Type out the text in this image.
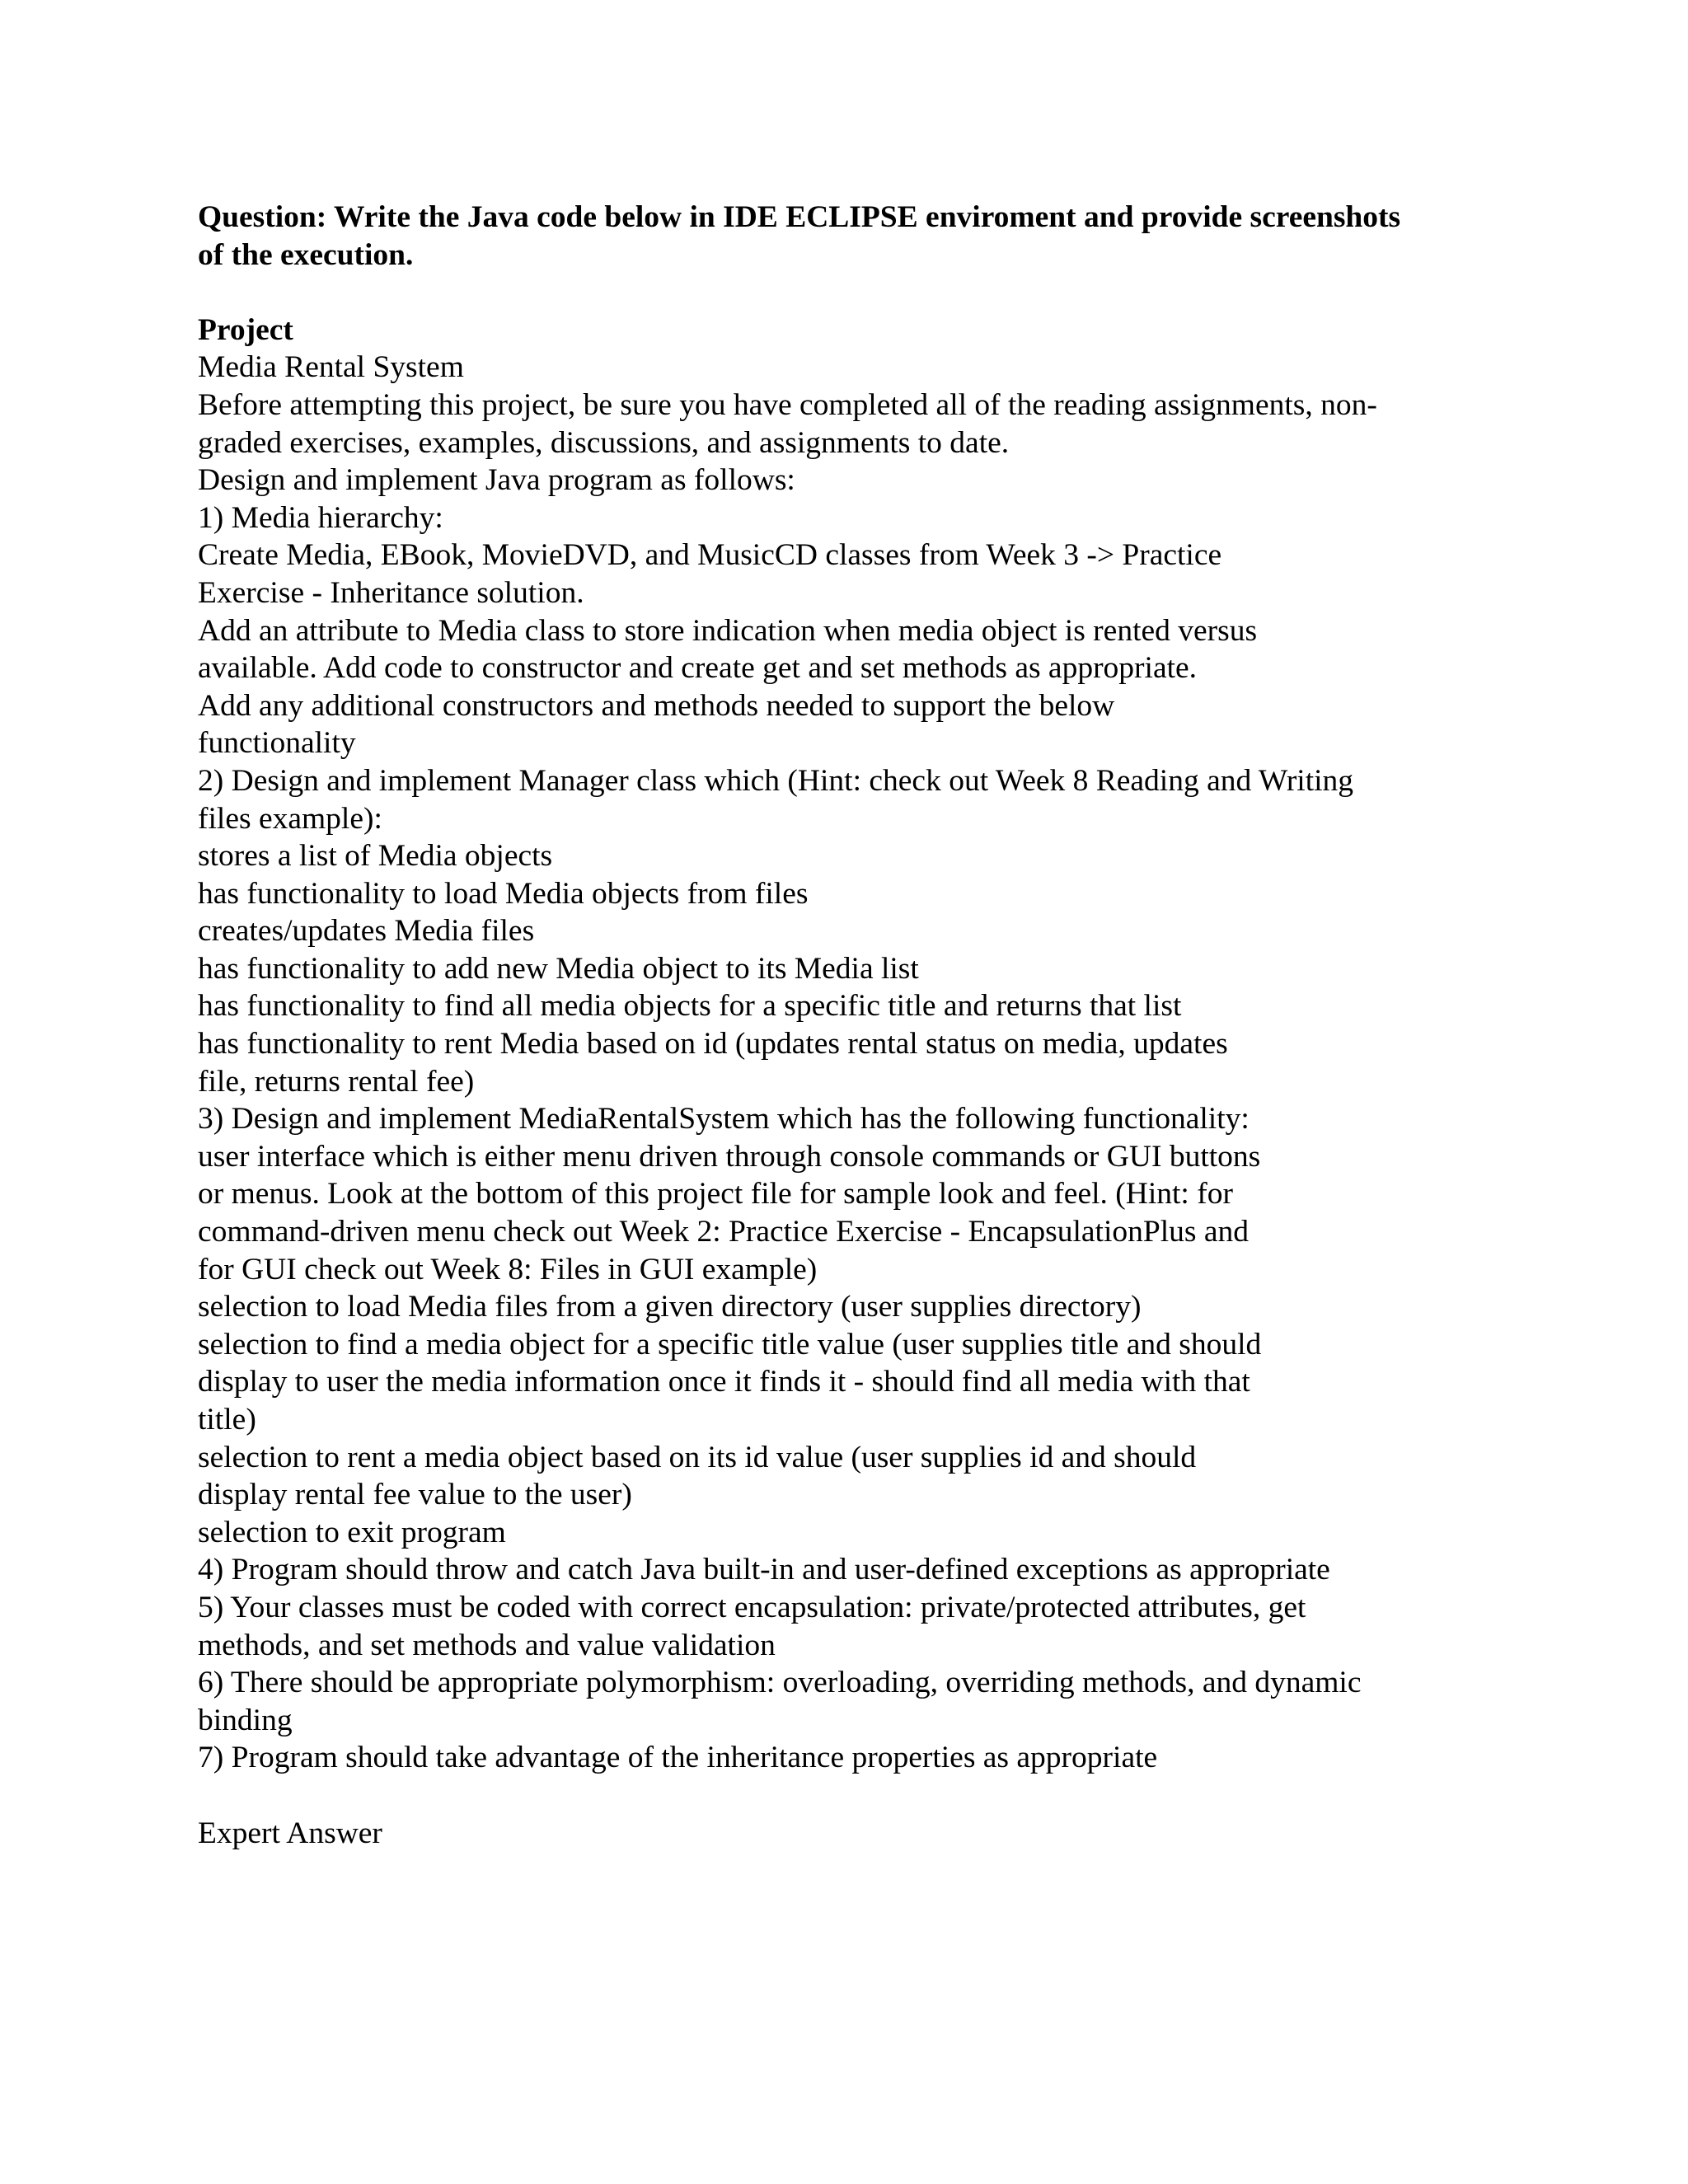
Question: Write the Java code below in IDE ECLIPSE enviroment and provide screenshots

of the execution.

Project

Media Rental System

Before attempting this project, be sure you have completed all of the reading assignments, non-

graded exercises, examples, discussions, and assignments to date.

Design and implement Java program as follows:

1) Media hierarchy:

Create Media, EBook, MovieDVD, and MusicCD classes from Week 3 -> Practice

Exercise - Inheritance solution.

Add an attribute to Media class to store indication when media object is rented versus

available. Add code to constructor and create get and set methods as appropriate.

Add any additional constructors and methods needed to support the below

functionality

2) Design and implement Manager class which (Hint: check out Week 8 Reading and Writing

files example):

stores a list of Media objects

has functionality to load Media objects from files

creates/updates Media files

has functionality to add new Media object to its Media list

has functionality to find all media objects for a specific title and returns that list

has functionality to rent Media based on id (updates rental status on media, updates

file, returns rental fee)

3) Design and implement MediaRentalSystem which has the following functionality:

user interface which is either menu driven through console commands or GUI buttons

or menus. Look at the bottom of this project file for sample look and feel. (Hint: for

command-driven menu check out Week 2: Practice Exercise - EncapsulationPlus and

for GUI check out Week 8: Files in GUI example)

selection to load Media files from a given directory (user supplies directory)

selection to find a media object for a specific title value (user supplies title and should

display to user the media information once it finds it - should find all media with that

title)

selection to rent a media object based on its id value (user supplies id and should

display rental fee value to the user)

selection to exit program

4) Program should throw and catch Java built-in and user-defined exceptions as appropriate

5) Your classes must be coded with correct encapsulation: private/protected attributes, get

methods, and set methods and value validation

6) There should be appropriate polymorphism: overloading, overriding methods, and dynamic

binding

7) Program should take advantage of the inheritance properties as appropriate

Expert Answer
